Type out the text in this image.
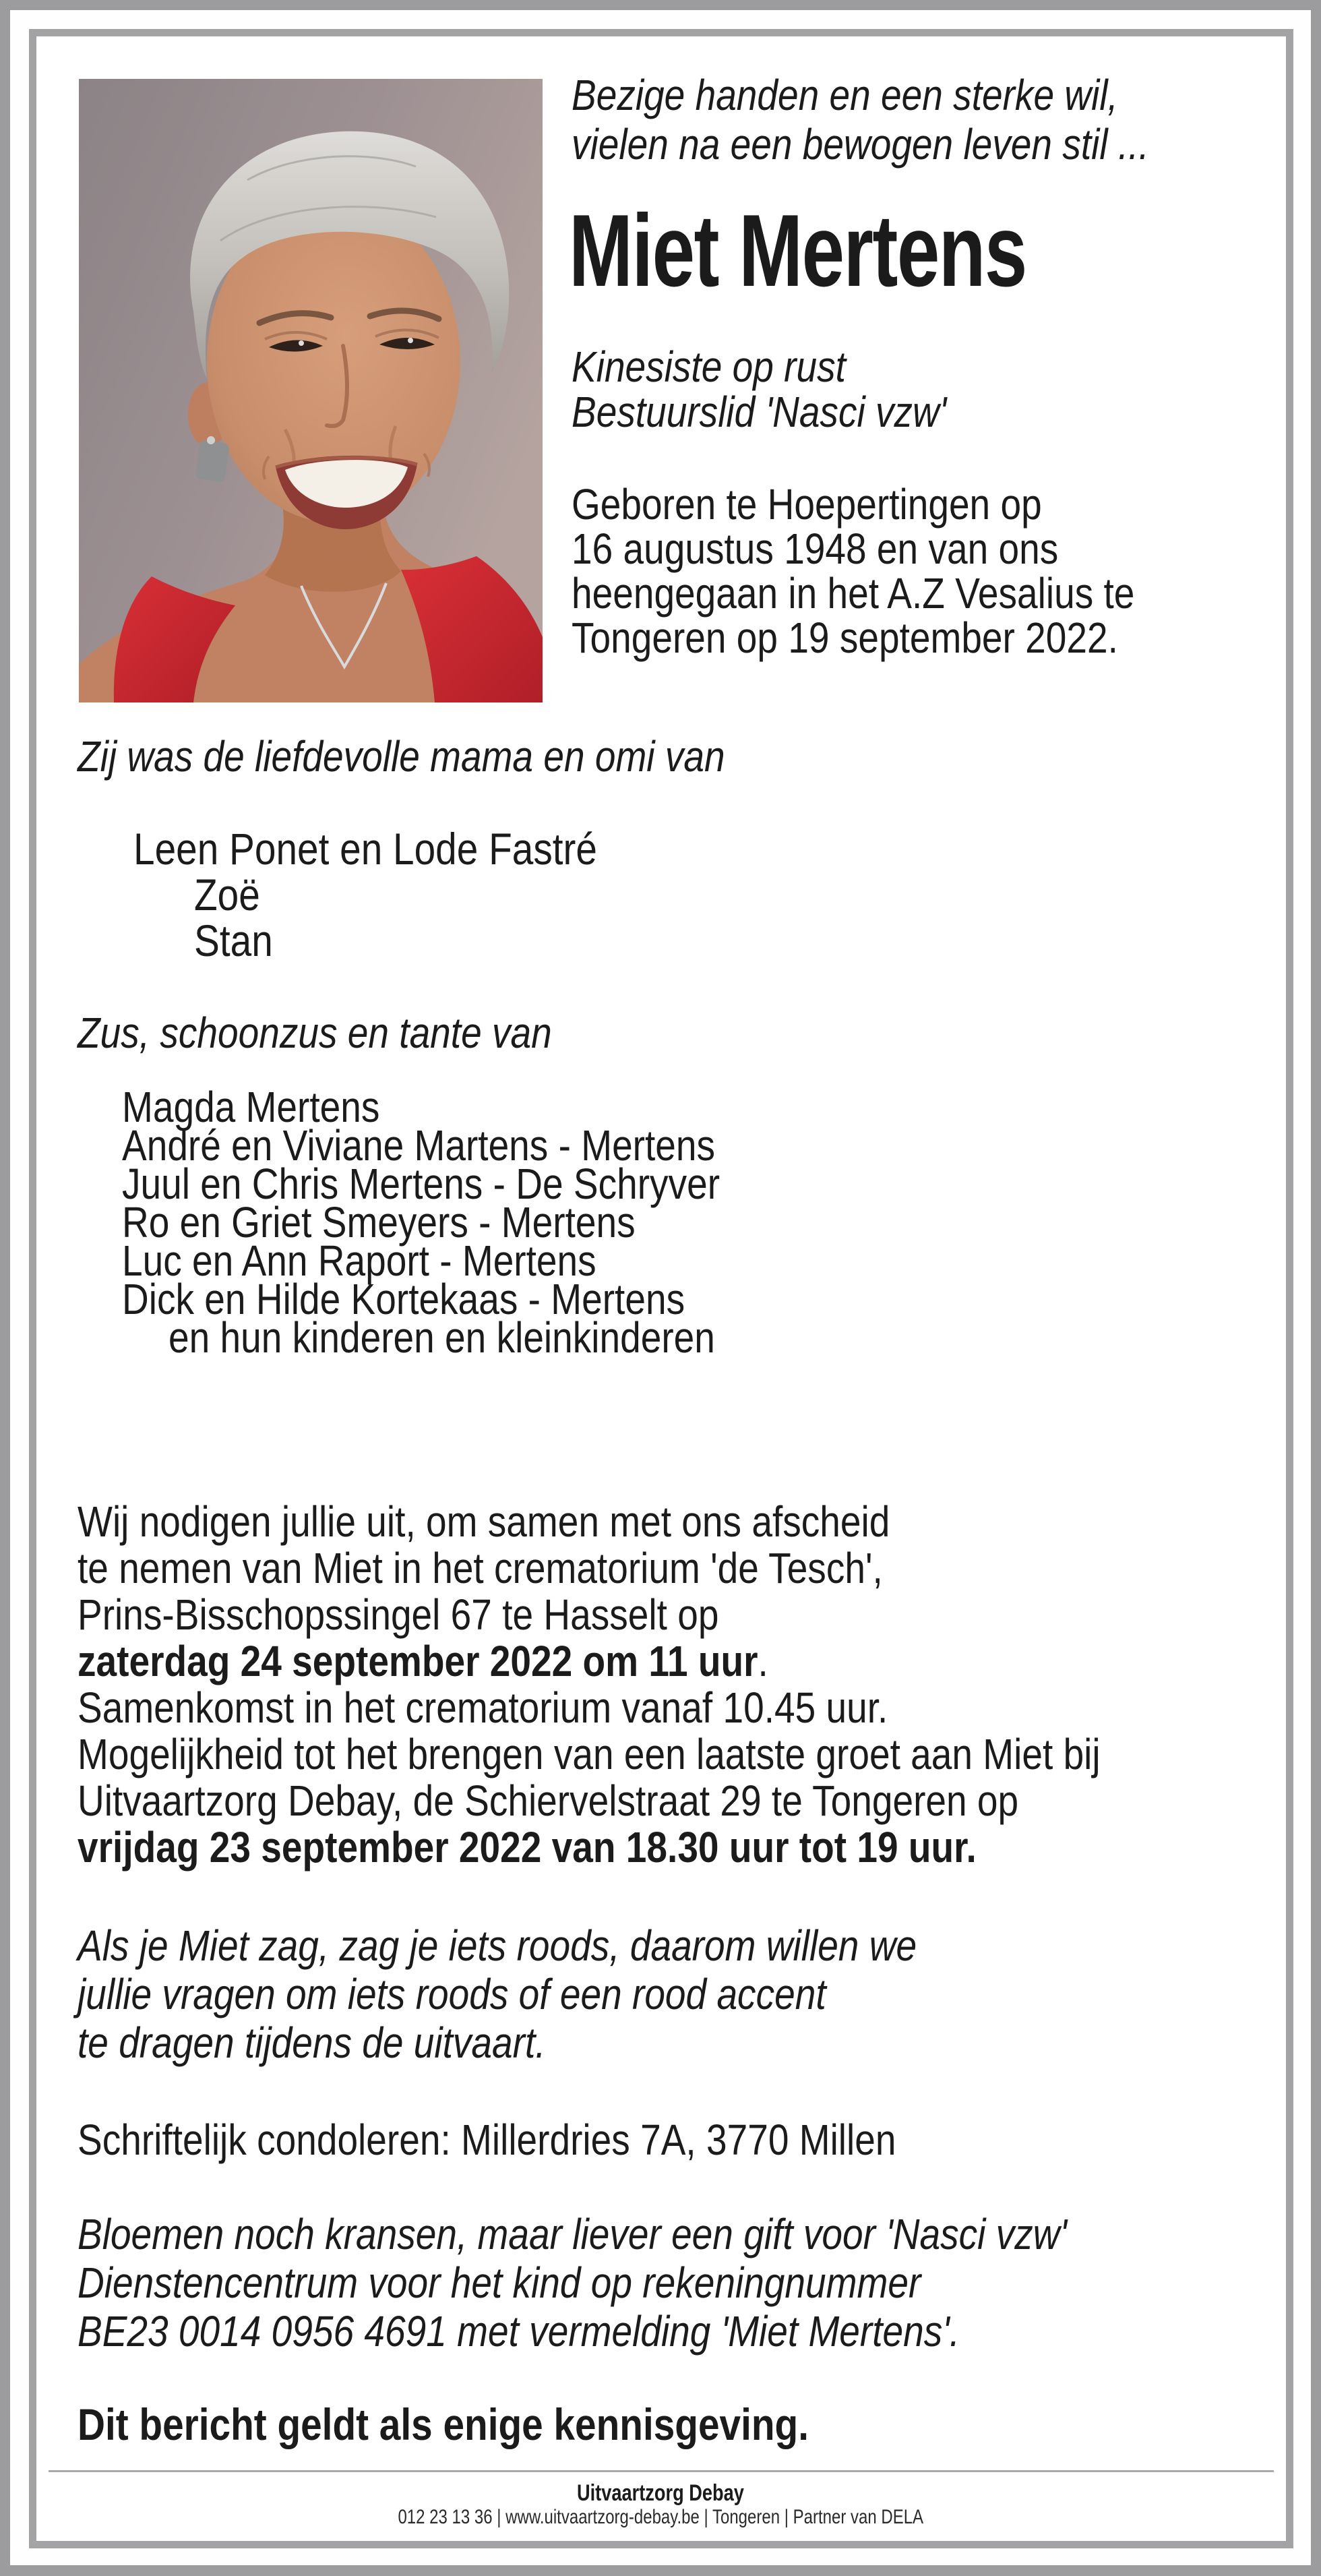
Bezige handen en een sterke wil,
vielen na een bewogen leven stil ...
Miet Mertens
Kinesiste op rust
Bestuurslid 'Nasci vzw'
Geboren te Hoepertingen op
16 augustus 1948 en van ons
heengegaan in het A.Z Vesalius te
Tongeren op 19 september 2022.
Zij was de liefdevolle mama en omi van
Leen Ponet en Lode Fastré
Zoë
Stan
Zus, schoonzus en tante van
Magda Mertens
André en Viviane Martens - Mertens
Juul en Chris Mertens - De Schryver
Ro en Griet Smeyers - Mertens
Luc en Ann Raport - Mertens
Dick en Hilde Kortekaas - Mertens
en hun kinderen en kleinkinderen
Wij nodigen jullie uit, om samen met ons afscheid
te nemen van Miet in het crematorium 'de Tesch',
Prins-Bisschopssingel 67 te Hasselt op
zaterdag 24 september 2022 om 11 uur.
Samenkomst in het crematorium vanaf 10.45 uur.
Mogelijkheid tot het brengen van een laatste groet aan Miet bij
Uitvaartzorg Debay, de Schiervelstraat 29 te Tongeren op
vrijdag 23 september 2022 van 18.30 uur tot 19 uur.
Als je Miet zag, zag je iets roods, daarom willen we
jullie vragen om iets roods of een rood accent
te dragen tijdens de uitvaart.
Schriftelijk condoleren: Millerdries 7A, 3770 Millen
Bloemen noch kransen, maar liever een gift voor 'Nasci vzw'
Dienstencentrum voor het kind op rekeningnummer
BE23 0014 0956 4691 met vermelding 'Miet Mertens'.
Dit bericht geldt als enige kennisgeving.
Uitvaartzorg Debay
012 23 13 36 | www.uitvaartzorg-debay.be | Tongeren | Partner van DELA
